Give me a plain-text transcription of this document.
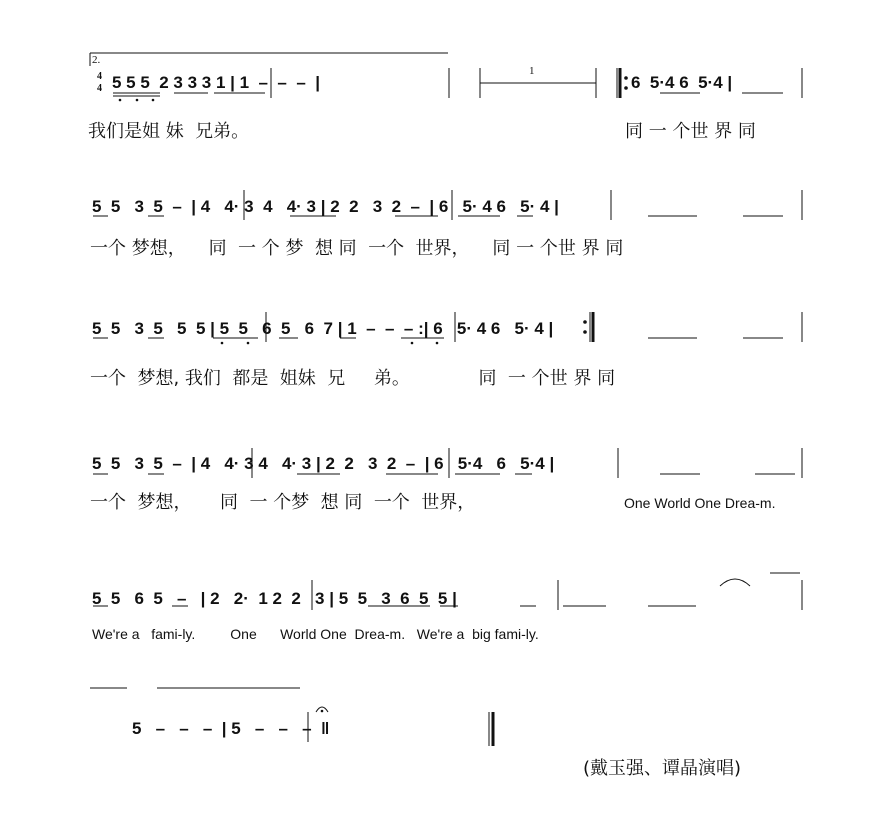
2.
4
4 5 5 5  2 3 3 3 1 | 1  –  –  –  |
1
6  5·4 6  5·4 |
我们是姐 妹  兄弟。	同 一 个世 界 同
5  5   3  5  –  | 4   4· 3  4   4· 3 | 2  2   3  2  –  | 6   5· 4 6   5· 4 |
一个 梦想，    同  一 个 梦  想 同  一个  世界，    同 一 个世 界 同
5  5   3  5   5  5 | 5  5   6  5   6  7 | 1  –  –  – :| 6   5· 4 6   5· 4 |
一个  梦想, 我们  都是  姐妹  兄     弟。            同  一 个世 界 同
5  5   3  5  –  | 4   4· 3 4   4· 3 | 2  2   3  2  –  | 6   5·4   6   5·4 |
一个  梦想，     同  一 个梦  想 同  一个  世界，	One World One Drea-m.
5  5   6  5   –   | 2   2·  1 2  2   3 | 5  5   3  6  5  5 |
We're a   fami-ly.         One      World One  Drea-m.   We're a  big fami-ly.
5   –   –   –  | 5   –   –   –  ‖
(戴玉强、谭晶演唱)
